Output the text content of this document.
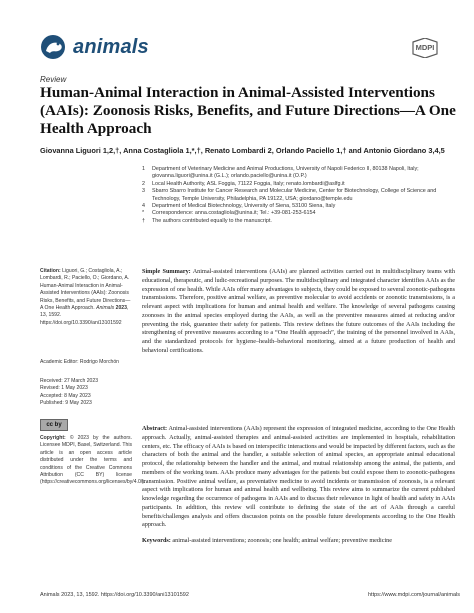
animals	MDPI
Review
Human-Animal Interaction in Animal-Assisted Interventions (AAIs): Zoonosis Risks, Benefits, and Future Directions—A One Health Approach
Giovanna Liguori 1,2,†, Anna Costagliola 1,*,†, Renato Lombardi 2, Orlando Paciello 1,† and Antonio Giordano 3,4,5
1	Department of Veterinary Medicine and Animal Productions, University of Napoli Federico II, 80138 Napoli, Italy; giovanna.liguori@unina.it (G.L.); orlando.paciello@unina.it (O.P.)
2	Local Health Authority, ASL Foggia, 71122 Foggia, Italy; renato.lombardi@aslfg.it
3	Sbarro Sbarro Institute for Cancer Research and Molecular Medicine, Center for Biotechnology, College of Science and Technology, Temple University, Philadelphia, PA 19122, USA; giordano@temple.edu
4	Department of Medical Biotechnology, University of Siena, 53100 Siena, Italy
*	Correspondence: anna.costagliola@unina.it; Tel.: +39-081-253-6154
†	The authors contributed equally to the manuscript.

Simple Summary: Animal-assisted interventions (AAIs) are planned activities carried out in multidisciplinary teams with educational, therapeutic, and ludic-recreational purposes. The multidisciplinary and integrated character identifies AAIs as the expression of one health. While AAIs offer many advantages to subjects, they could be exposed to several zoonotic-pathogens transmissions. Therefore, positive animal welfare, as preventive molecular to avoid accidents or zoonotic transmissions, is a relevant aspect with implications for human and animal health and welfare. The knowledge of several pathogens causing zoonoses in the animal species employed during the AAIs, as well as the preventive measures aimed at reducing and/or preventing the risk, guarantee their safety for patients. This review defines the future outcomes of the AAIs including the strengthening of preventive measures according to a “One Health approach”, the training of the personnel involved in AAIs, and the standardized protocols for hygiene–health–behavioral monitoring, aimed at a future production of health and behavioral certifications.

Abstract: Animal-assisted interventions (AAIs) represent the expression of integrated medicine, according to the One Health approach. Actually, animal-assisted therapies and animal-assisted activities are implemented in hospitals, rehabilitation centers, etc. The efficacy of AAIs is based on interspecific interactions and would be impacted by different factors, such as the characters of both the animal and the handler, a suitable selection of animal species, an appropriate animal educational protocol, the relationship between the handler and the animal, and mutual relationship among the animal, the patients, and members of the working team. AAIs produce many advantages for the patients but could expose them to zoonotic-pathogens transmission. Positive animal welfare, as preventative medicine to avoid incidents or transmission of zoonosis, is a relevant aspect with implications for human and animal health and wellbeing. This review aims to summarize the current published knowledge regarding the occurrence of pathogens in AAIs and to discuss their relevance in light of health and safety in AAIs participants. In addition, this review will contribute to defining the state of the art of AAIs through a careful benefits/challenges analysis and offers discussion points on the possible future developments according to the One Health approach.

Keywords: animal-assisted interventions; zoonosis; one health; animal welfare; preventive medicine

Citation: Liguori, G.; Costagliola, A.; Lombardi, R.; Paciello, O.; Giordano, A. Human-Animal Interaction in Animal-Assisted Interventions (AAIs): Zoonosis Risks, Benefits, and Future Directions—A One Health Approach. Animals 2023, 13, 1592. https://doi.org/10.3390/ani13101592
Academic Editor: Rodrigo Morchón
Received: 27 March 2023
Revised: 1 May 2023
Accepted: 8 May 2023
Published: 9 May 2023
cc by
Copyright: © 2023 by the authors. Licensee MDPI, Basel, Switzerland. This article is an open access article distributed under the terms and conditions of the Creative Commons Attribution (CC BY) license (https://creativecommons.org/licenses/by/4.0/).
Animals 2023, 13, 1592. https://doi.org/10.3390/ani13101592	https://www.mdpi.com/journal/animals
